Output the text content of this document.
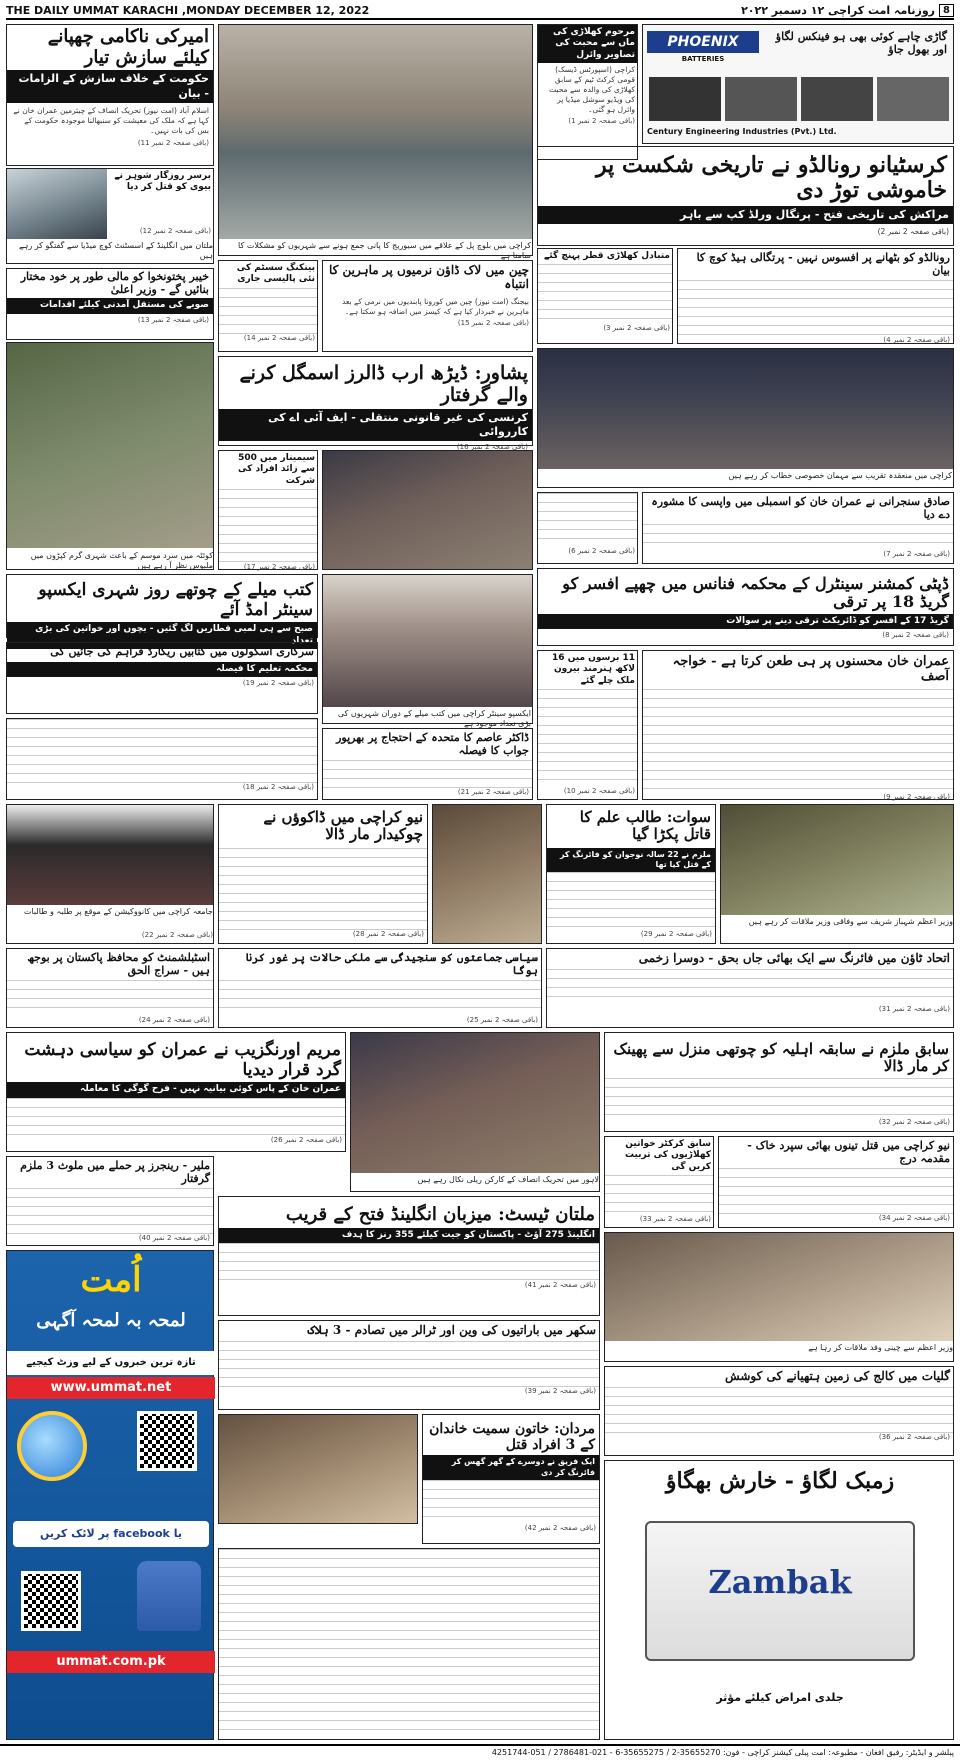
THE DAILY UMMAT KARACHI ,MONDAY DECEMBER 12, 2022	روزنامہ امت کراچی ۱۲ دسمبر ۲۰۲۲ 8
امیرکی ناکامی چھپانے کیلئے سازش تیار
حکومت کے خلاف سازش کے الزامات - بیان
اسلام آباد (امت نیوز) تحریک انصاف کے چیئرمین عمران خان نے کہا ہے کہ ملک کی معیشت کو سنبھالنا موجودہ حکومت کے بس کی بات نہیں۔
(باقی صفحہ 2 نمبر 11)
برسر روزگار شوہر نے بیوی کو قتل کر دیا
ملتان میں انگلینڈ کے اسسٹنٹ کوچ میڈیا سے گفتگو کر رہے ہیں
(باقی صفحہ 2 نمبر 12)
خیبر پختونخوا کو مالی طور پر خود مختار بنائیں گے - وزیر اعلیٰ
صوبے کی مستقل آمدنی کیلئے اقدامات
(باقی صفحہ 2 نمبر 13)
کوئٹہ میں سرد موسم کے باعث شہری گرم کپڑوں میں ملبوس نظر آ رہے ہیں
کراچی میں بلوچ پل کے علاقے میں سیوریج کا پانی جمع ہونے سے شہریوں کو مشکلات کا سامنا ہے
مرحوم کھلاڑی کی ماں سے محبت کی تصاویر وائرل
کراچی (اسپورٹس ڈیسک) قومی کرکٹ ٹیم کے سابق کھلاڑی کی والدہ سے محبت کی ویڈیو سوشل میڈیا پر وائرل ہو گئی۔
(باقی صفحہ 2 نمبر 1)
PHOENIX
BATTERIES
گاڑی چاہے کوئی بھی ہو فینکس لگاؤ اور بھول جاؤ
Century Engineering Industries (Pvt.) Ltd.
کرسٹیانو رونالڈو نے تاریخی شکست پر خاموشی توڑ دی
مراکش کی تاریخی فتح - پرتگال ورلڈ کپ سے باہر
(باقی صفحہ 2 نمبر 2)
متبادل کھلاڑی قطر پہنچ گئے
(باقی صفحہ 2 نمبر 3)
رونالڈو کو بٹھانے پر افسوس نہیں - پرتگالی ہیڈ کوچ کا بیان
(باقی صفحہ 2 نمبر 4)
بینکنگ سسٹم کی نئی پالیسی جاری
(باقی صفحہ 2 نمبر 14)
چین میں لاک ڈاؤن نرمیوں پر ماہرین کا انتباہ
بیجنگ (امت نیوز) چین میں کورونا پابندیوں میں نرمی کے بعد ماہرین نے خبردار کیا ہے کہ کیسز میں اضافہ ہو سکتا ہے۔
(باقی صفحہ 2 نمبر 15)
پشاور: ڈیڑھ ارب ڈالرز اسمگل کرنے والے گرفتار
کرنسی کی غیر قانونی منتقلی - ایف آئی اے کی کارروائی
(باقی صفحہ 2 نمبر 16)
سیمینار میں 500 سے زائد افراد کی شرکت
(باقی صفحہ 2 نمبر 17)
کراچی میں منعقدہ تقریب سے مہمان خصوصی خطاب کر رہے ہیں
صادق سنجرانی نے عمران خان کو اسمبلی میں واپسی کا مشورہ دے دیا
(باقی صفحہ 2 نمبر 7)
(باقی صفحہ 2 نمبر 6)
کتب میلے کے چوتھے روز شہری ایکسپو سینٹر امڈ آئے
صبح سے ہی لمبی قطاریں لگ گئیں - بچوں اور خواتین کی بڑی تعداد
ایکسپو سینٹر کراچی میں کتب میلے کے دوران شہریوں کی بڑی تعداد موجود ہے
سرکاری اسکولوں میں کتابیں ریکارڈ فراہم کی جائیں گی
محکمہ تعلیم کا فیصلہ
(باقی صفحہ 2 نمبر 19)
ڈاکٹر عاصم کا متحدہ کے احتجاج پر بھرپور جواب کا فیصلہ
(باقی صفحہ 2 نمبر 21)
(باقی صفحہ 2 نمبر 18)
ڈپٹی کمشنر سینٹرل کے محکمہ فنانس میں چھپے افسر کو گریڈ 18 پر ترقی
گریڈ 17 کے افسر کو ڈائریکٹ ترقی دینے پر سوالات
(باقی صفحہ 2 نمبر 8)
11 برسوں میں 16 لاکھ ہنرمند بیرون ملک چلے گئے
(باقی صفحہ 2 نمبر 10)
عمران خان محسنوں پر ہی طعن کرتا ہے - خواجہ آصف
(باقی صفحہ 2 نمبر 9)
جامعہ کراچی میں کانووکیشن کے موقع پر طلبہ و طالبات
(باقی صفحہ 2 نمبر 22)
نیو کراچی میں ڈاکوؤں نے چوکیدار مار ڈالا
(باقی صفحہ 2 نمبر 28)
سوات: طالب علم کا قاتل پکڑا گیا
ملزم نے 22 سالہ نوجوان کو فائرنگ کر کے قتل کیا تھا
(باقی صفحہ 2 نمبر 29)
وزیر اعظم شہباز شریف سے وفاقی وزیر ملاقات کر رہے ہیں
اسٹبلشمنٹ کو محافظ پاکستان پر بوجھ ہیں - سراج الحق
(باقی صفحہ 2 نمبر 24)
سیاسی جماعتوں کو سنجیدگی سے ملکی حالات پر غور کرنا ہوگا
(باقی صفحہ 2 نمبر 25)
اتحاد ٹاؤن میں فائرنگ سے ایک بھائی جاں بحق - دوسرا زخمی
(باقی صفحہ 2 نمبر 31)
مریم اورنگزیب نے عمران کو سیاسی دہشت گرد قرار دیدیا
عمران خان کے پاس کوئی بیانیہ نہیں - فرح گوگی کا معاملہ
(باقی صفحہ 2 نمبر 26)
لاہور میں تحریک انصاف کے کارکن ریلی نکال رہے ہیں
سابق ملزم نے سابقہ اہلیہ کو چوتھی منزل سے پھینک کر مار ڈالا
(باقی صفحہ 2 نمبر 32)
ملیر - رینجرز پر حملے میں ملوث 3 ملزم گرفتار
(باقی صفحہ 2 نمبر 40)
سابق کرکٹر خواتین کھلاڑیوں کی تربیت کریں گی
(باقی صفحہ 2 نمبر 33)
نیو کراچی میں قتل تینوں بھائی سپرد خاک - مقدمہ درج
(باقی صفحہ 2 نمبر 34)
اُمت
لمحہ بہ لمحہ آگہی
تازہ ترین خبروں کے لیے وزٹ کیجیے
www.ummat.net
یا facebook پر لائک کریں
ummat.com.pk
ملتان ٹیسٹ: میزبان انگلینڈ فتح کے قریب
انگلینڈ 275 آؤٹ - پاکستان کو جیت کیلئے 355 رنز کا ہدف
(باقی صفحہ 2 نمبر 41)
وزیر اعظم سے چینی وفد ملاقات کر رہا ہے
سکھر میں باراتیوں کی وین اور ٹرالر میں تصادم - 3 ہلاک
(باقی صفحہ 2 نمبر 39)
گلیات میں کالج کی زمین ہتھیانے کی کوشش
(باقی صفحہ 2 نمبر 36)
مردان: خاتون سمیت خاندان کے 3 افراد قتل
ایک فریق نے دوسرے کے گھر گھس کر فائرنگ کر دی
(باقی صفحہ 2 نمبر 42)
زمبک لگاؤ - خارش بھگاؤ
Zambak
جلدی امراض کیلئے مؤثر
پبلشر و ایڈیٹر: رفیق افغان - مطبوعہ: امت پبلی کیشنز کراچی - فون: 35655270-2 / 35655275-6 - 021-2786481 / 051-4251744
